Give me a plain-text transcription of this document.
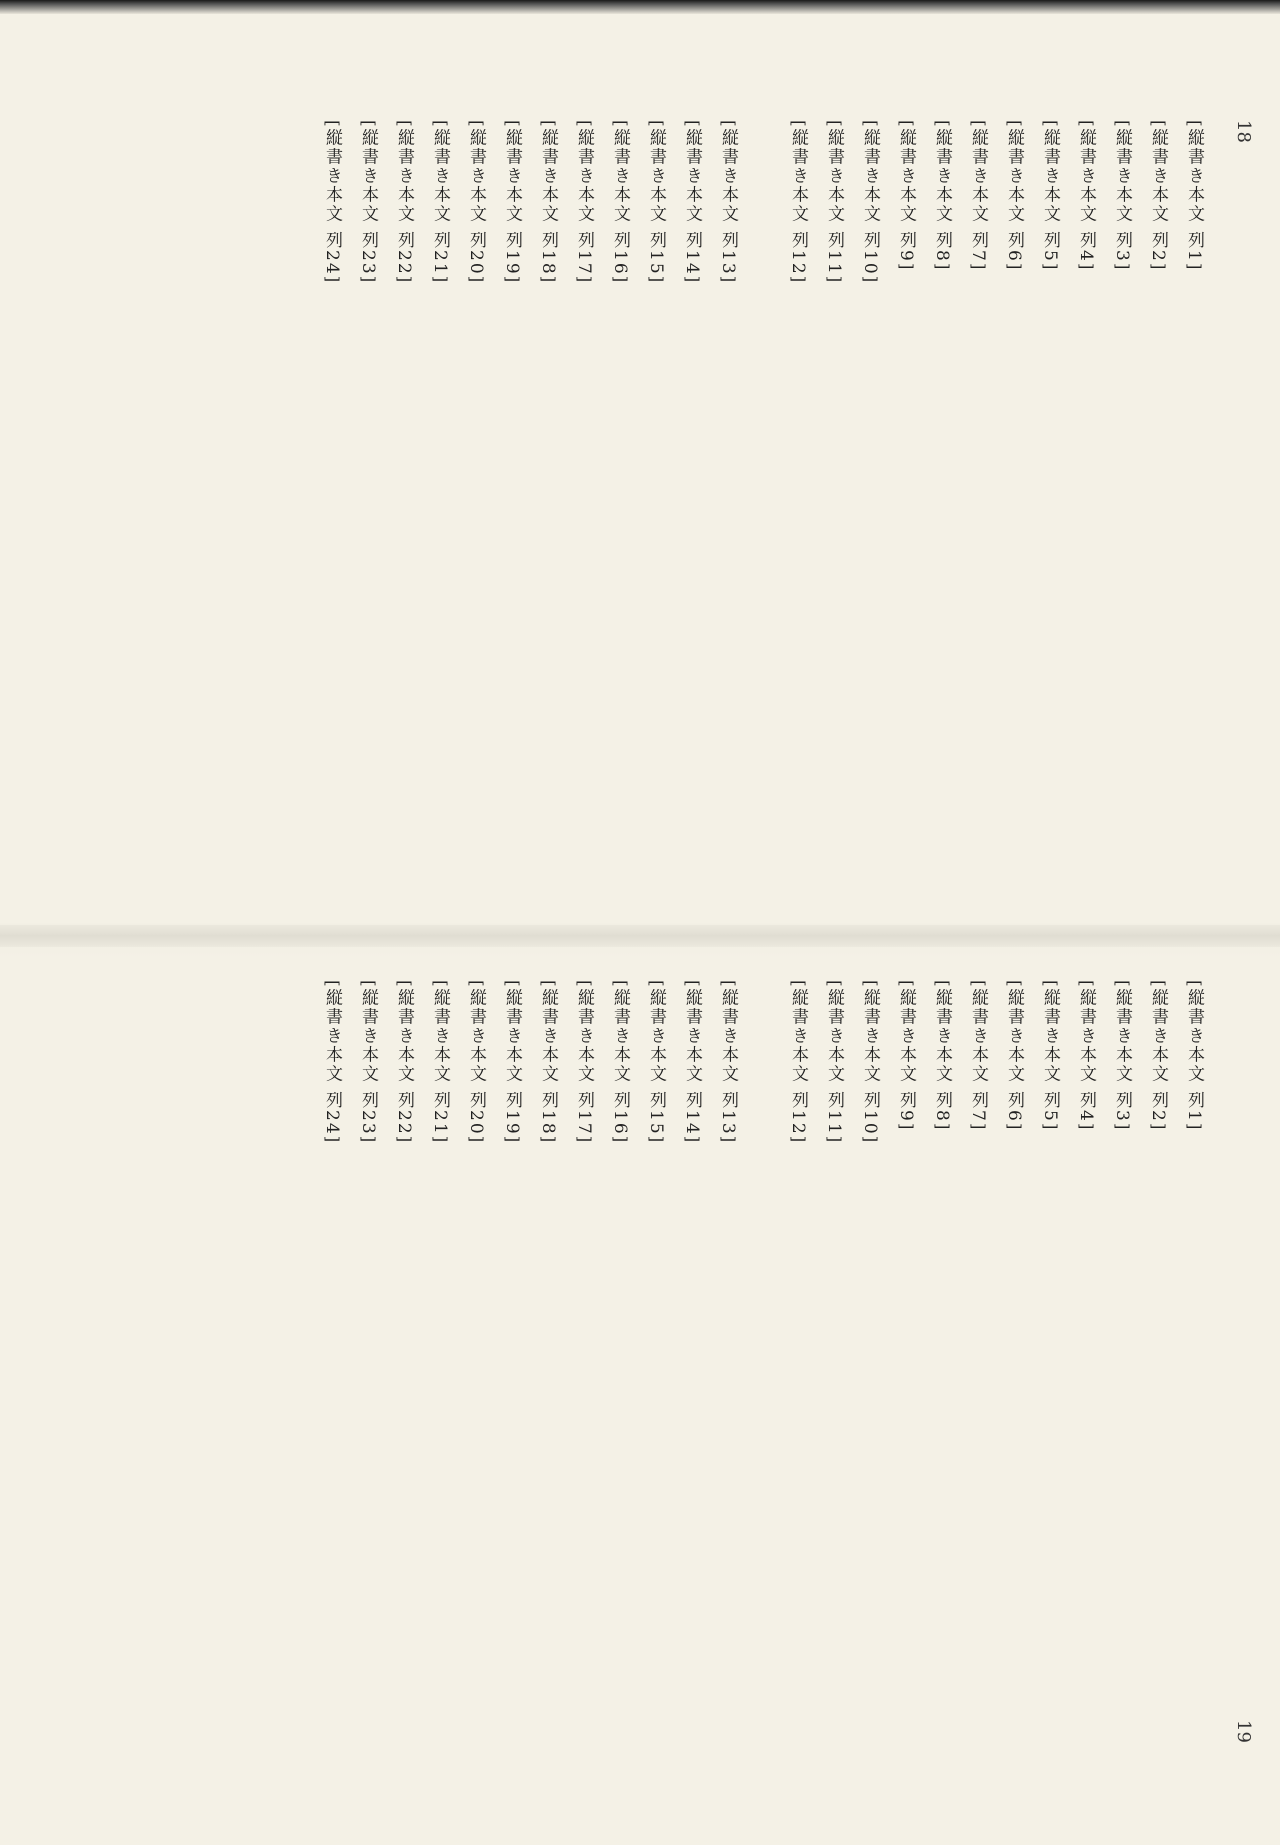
18
[縦書き本文 列1]
[縦書き本文 列2]
[縦書き本文 列3]
[縦書き本文 列4]
[縦書き本文 列5]
[縦書き本文 列6]
[縦書き本文 列7]
[縦書き本文 列8]
[縦書き本文 列9]
[縦書き本文 列10]
[縦書き本文 列11]
[縦書き本文 列12]
[縦書き本文 列13]
[縦書き本文 列14]
[縦書き本文 列15]
[縦書き本文 列16]
[縦書き本文 列17]
[縦書き本文 列18]
[縦書き本文 列19]
[縦書き本文 列20]
[縦書き本文 列21]
[縦書き本文 列22]
[縦書き本文 列23]
[縦書き本文 列24]
[縦書き本文 列1]
[縦書き本文 列2]
[縦書き本文 列3]
[縦書き本文 列4]
[縦書き本文 列5]
[縦書き本文 列6]
[縦書き本文 列7]
[縦書き本文 列8]
[縦書き本文 列9]
[縦書き本文 列10]
[縦書き本文 列11]
[縦書き本文 列12]
[縦書き本文 列13]
[縦書き本文 列14]
[縦書き本文 列15]
[縦書き本文 列16]
[縦書き本文 列17]
[縦書き本文 列18]
[縦書き本文 列19]
[縦書き本文 列20]
[縦書き本文 列21]
[縦書き本文 列22]
[縦書き本文 列23]
[縦書き本文 列24]
19
